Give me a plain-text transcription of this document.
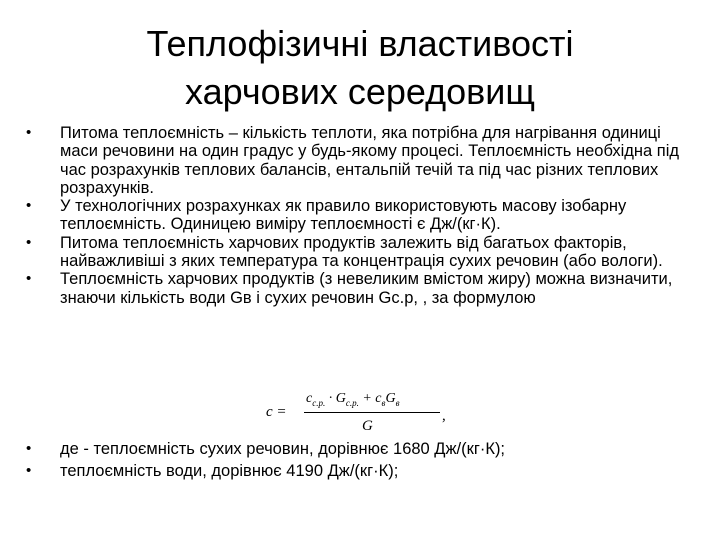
Теплофізичні властивості
харчових середовищ
•	Питома теплоємність – кількість теплоти, яка потрібна для нагрівання одиниці маси речовини на один градус у будь-якому процесі. Теплоємність необхідна під час розрахунків теплових балансів, ентальпій течій та під час різних теплових розрахунків.
•	У технологічних розрахунках як правило використовують масову ізобарну теплоємність. Одиницею виміру теплоємності є Дж/(кг·К).
•	Питома теплоємність харчових продуктів залежить від багатьох факторів, найважливіші з яких температура та концентрація сухих речовин (або вологи).
•	Теплоємність харчових продуктів (з невеликим вмістом жиру) можна визначити, знаючи кількість води Gв і сухих речовин Gс.р, , за формулою
c =
$c_{c.p.} \cdot G_{c.p.} + c_вG_в$
G
,
• де - теплоємність сухих речовин, дорівнює 1680 Дж/(кг·К);
• теплоємність води, дорівнює 4190 Дж/(кг·К);
